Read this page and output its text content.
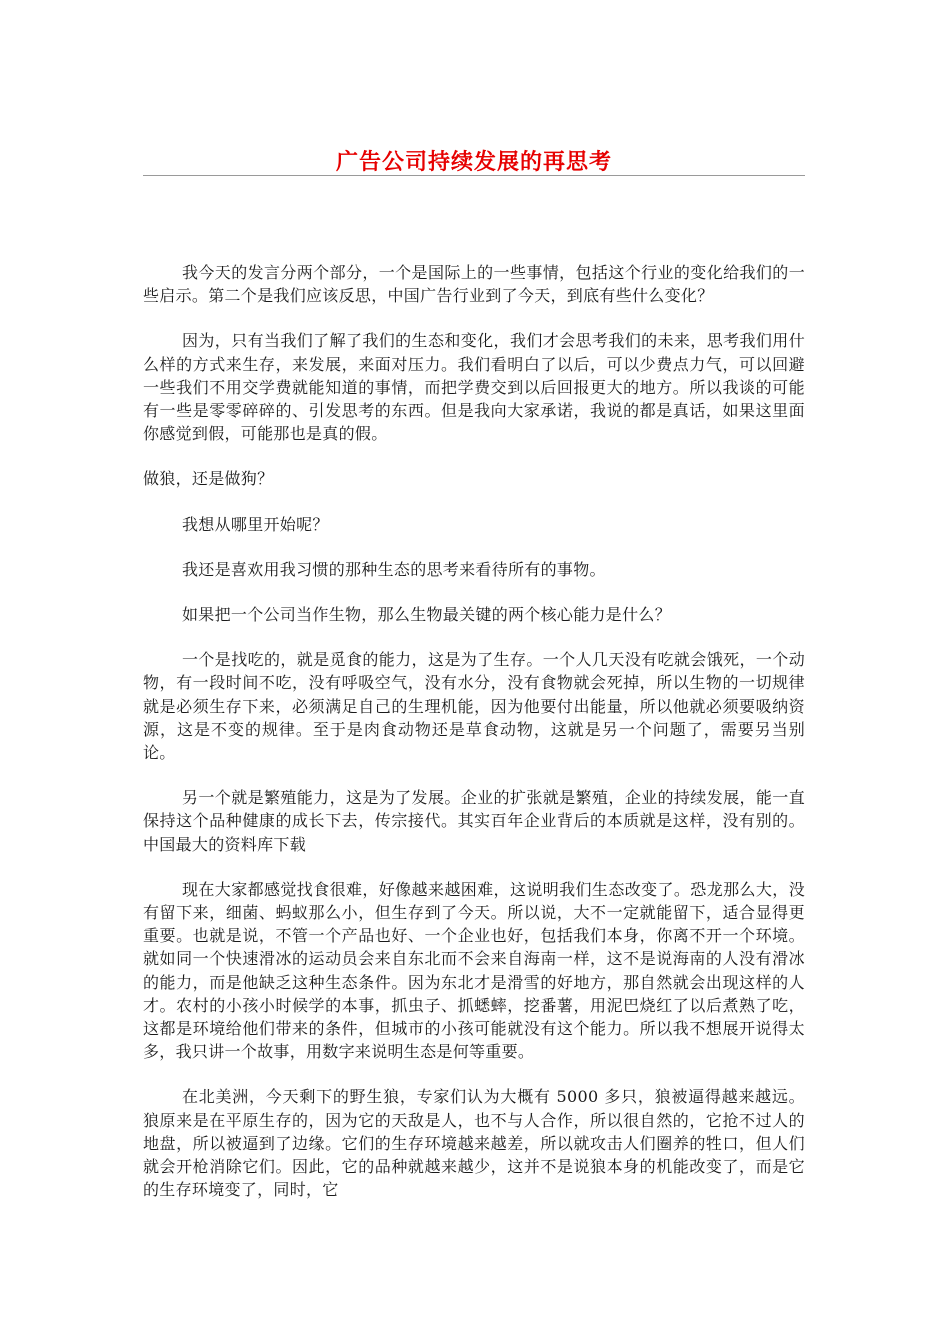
广告公司持续发展的再思考

我今天的发言分两个部分，一个是国际上的一些事情，包括这个行业的变化给我们的一些启示。第二个是我们应该反思，中国广告行业到了今天，到底有些什么变化？

因为，只有当我们了解了我们的生态和变化，我们才会思考我们的未来，思考我们用什么样的方式来生存，来发展，来面对压力。我们看明白了以后，可以少费点力气，可以回避一些我们不用交学费就能知道的事情，而把学费交到以后回报更大的地方。所以我谈的可能有一些是零零碎碎的、引发思考的东西。但是我向大家承诺，我说的都是真话，如果这里面你感觉到假，可能那也是真的假。

做狼，还是做狗？

我想从哪里开始呢？

我还是喜欢用我习惯的那种生态的思考来看待所有的事物。

如果把一个公司当作生物，那么生物最关键的两个核心能力是什么？

一个是找吃的，就是觅食的能力，这是为了生存。一个人几天没有吃就会饿死，一个动物，有一段时间不吃，没有呼吸空气，没有水分，没有食物就会死掉，所以生物的一切规律就是必须生存下来，必须满足自己的生理机能，因为他要付出能量，所以他就必须要吸纳资源，这是不变的规律。至于是肉食动物还是草食动物，这就是另一个问题了，需要另当别论。

另一个就是繁殖能力，这是为了发展。企业的扩张就是繁殖，企业的持续发展，能一直保持这个品种健康的成长下去，传宗接代。其实百年企业背后的本质就是这样，没有别的。 中国最大的资料库下载

现在大家都感觉找食很难，好像越来越困难，这说明我们生态改变了。恐龙那么大，没有留下来，细菌、蚂蚁那么小，但生存到了今天。所以说，大不一定就能留下，适合显得更重要。也就是说，不管一个产品也好、一个企业也好，包括我们本身，你离不开一个环境。就如同一个快速滑冰的运动员会来自东北而不会来自海南一样，这不是说海南的人没有滑冰的能力，而是他缺乏这种生态条件。因为东北才是滑雪的好地方，那自然就会出现这样的人才。农村的小孩小时候学的本事，抓虫子、抓蟋蟀，挖番薯，用泥巴烧红了以后煮熟了吃，这都是环境给他们带来的条件，但城市的小孩可能就没有这个能力。所以我不想展开说得太多，我只讲一个故事，用数字来说明生态是何等重要。

在北美洲，今天剩下的野生狼，专家们认为大概有 5000 多只，狼被逼得越来越远。狼原来是在平原生存的，因为它的天敌是人，也不与人合作，所以很自然的，它抢不过人的地盘，所以被逼到了边缘。它们的生存环境越来越差，所以就攻击人们圈养的牲口，但人们就会开枪消除它们。因此，它的品种就越来越少，这并不是说狼本身的机能改变了，而是它的生存环境变了，同时，它
